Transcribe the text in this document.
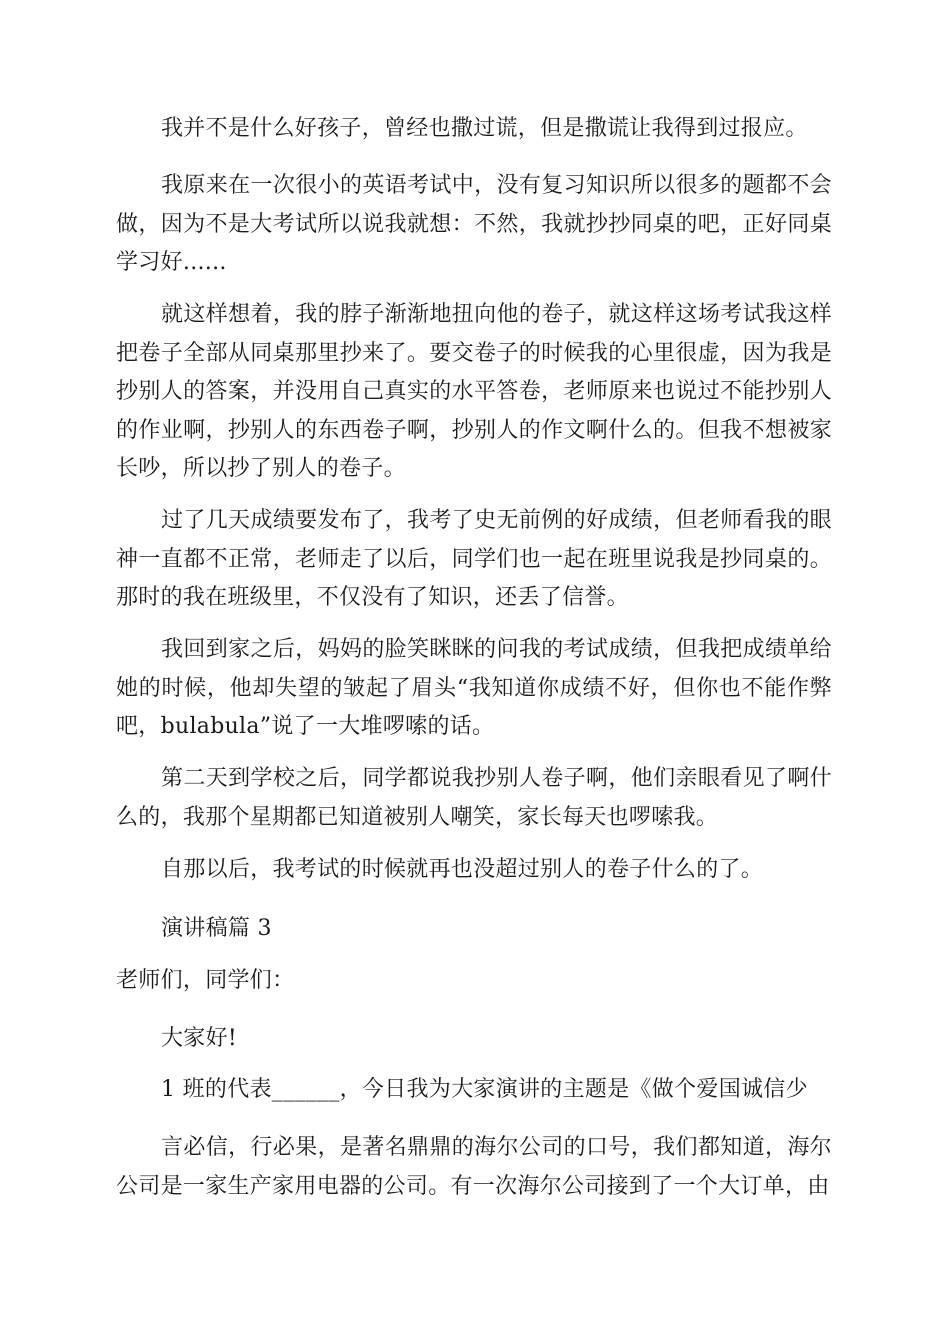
我并不是什么好孩子，曾经也撒过谎，但是撒谎让我得到过报应。

我原来在一次很小的英语考试中，没有复习知识所以很多的题都不会做，因为不是大考试所以说我就想：不然，我就抄抄同桌的吧，正好同桌学习好......

就这样想着，我的脖子渐渐地扭向他的卷子，就这样这场考试我这样把卷子全部从同桌那里抄来了。要交卷子的时候我的心里很虚，因为我是抄别人的答案，并没用自己真实的水平答卷，老师原来也说过不能抄别人的作业啊，抄别人的东西卷子啊，抄别人的作文啊什么的。但我不想被家长吵，所以抄了别人的卷子。

过了几天成绩要发布了，我考了史无前例的好成绩，但老师看我的眼神一直都不正常，老师走了以后，同学们也一起在班里说我是抄同桌的。那时的我在班级里，不仅没有了知识，还丢了信誉。

我回到家之后，妈妈的脸笑眯眯的问我的考试成绩，但我把成绩单给她的时候，他却失望的皱起了眉头“我知道你成绩不好，但你也不能作弊吧，bulabula”说了一大堆啰嗦的话。

第二天到学校之后，同学都说我抄别人卷子啊，他们亲眼看见了啊什么的，我那个星期都已知道被别人嘲笑，家长每天也啰嗦我。

自那以后，我考试的时候就再也没超过别人的卷子什么的了。

演讲稿篇 3

老师们，同学们：

大家好!

1 班的代表______，今日我为大家演讲的主题是《做个爱国诚信少

言必信，行必果，是著名鼎鼎的海尔公司的口号，我们都知道，海尔公司是一家生产家用电器的公司。有一次海尔公司接到了一个大订单，由
